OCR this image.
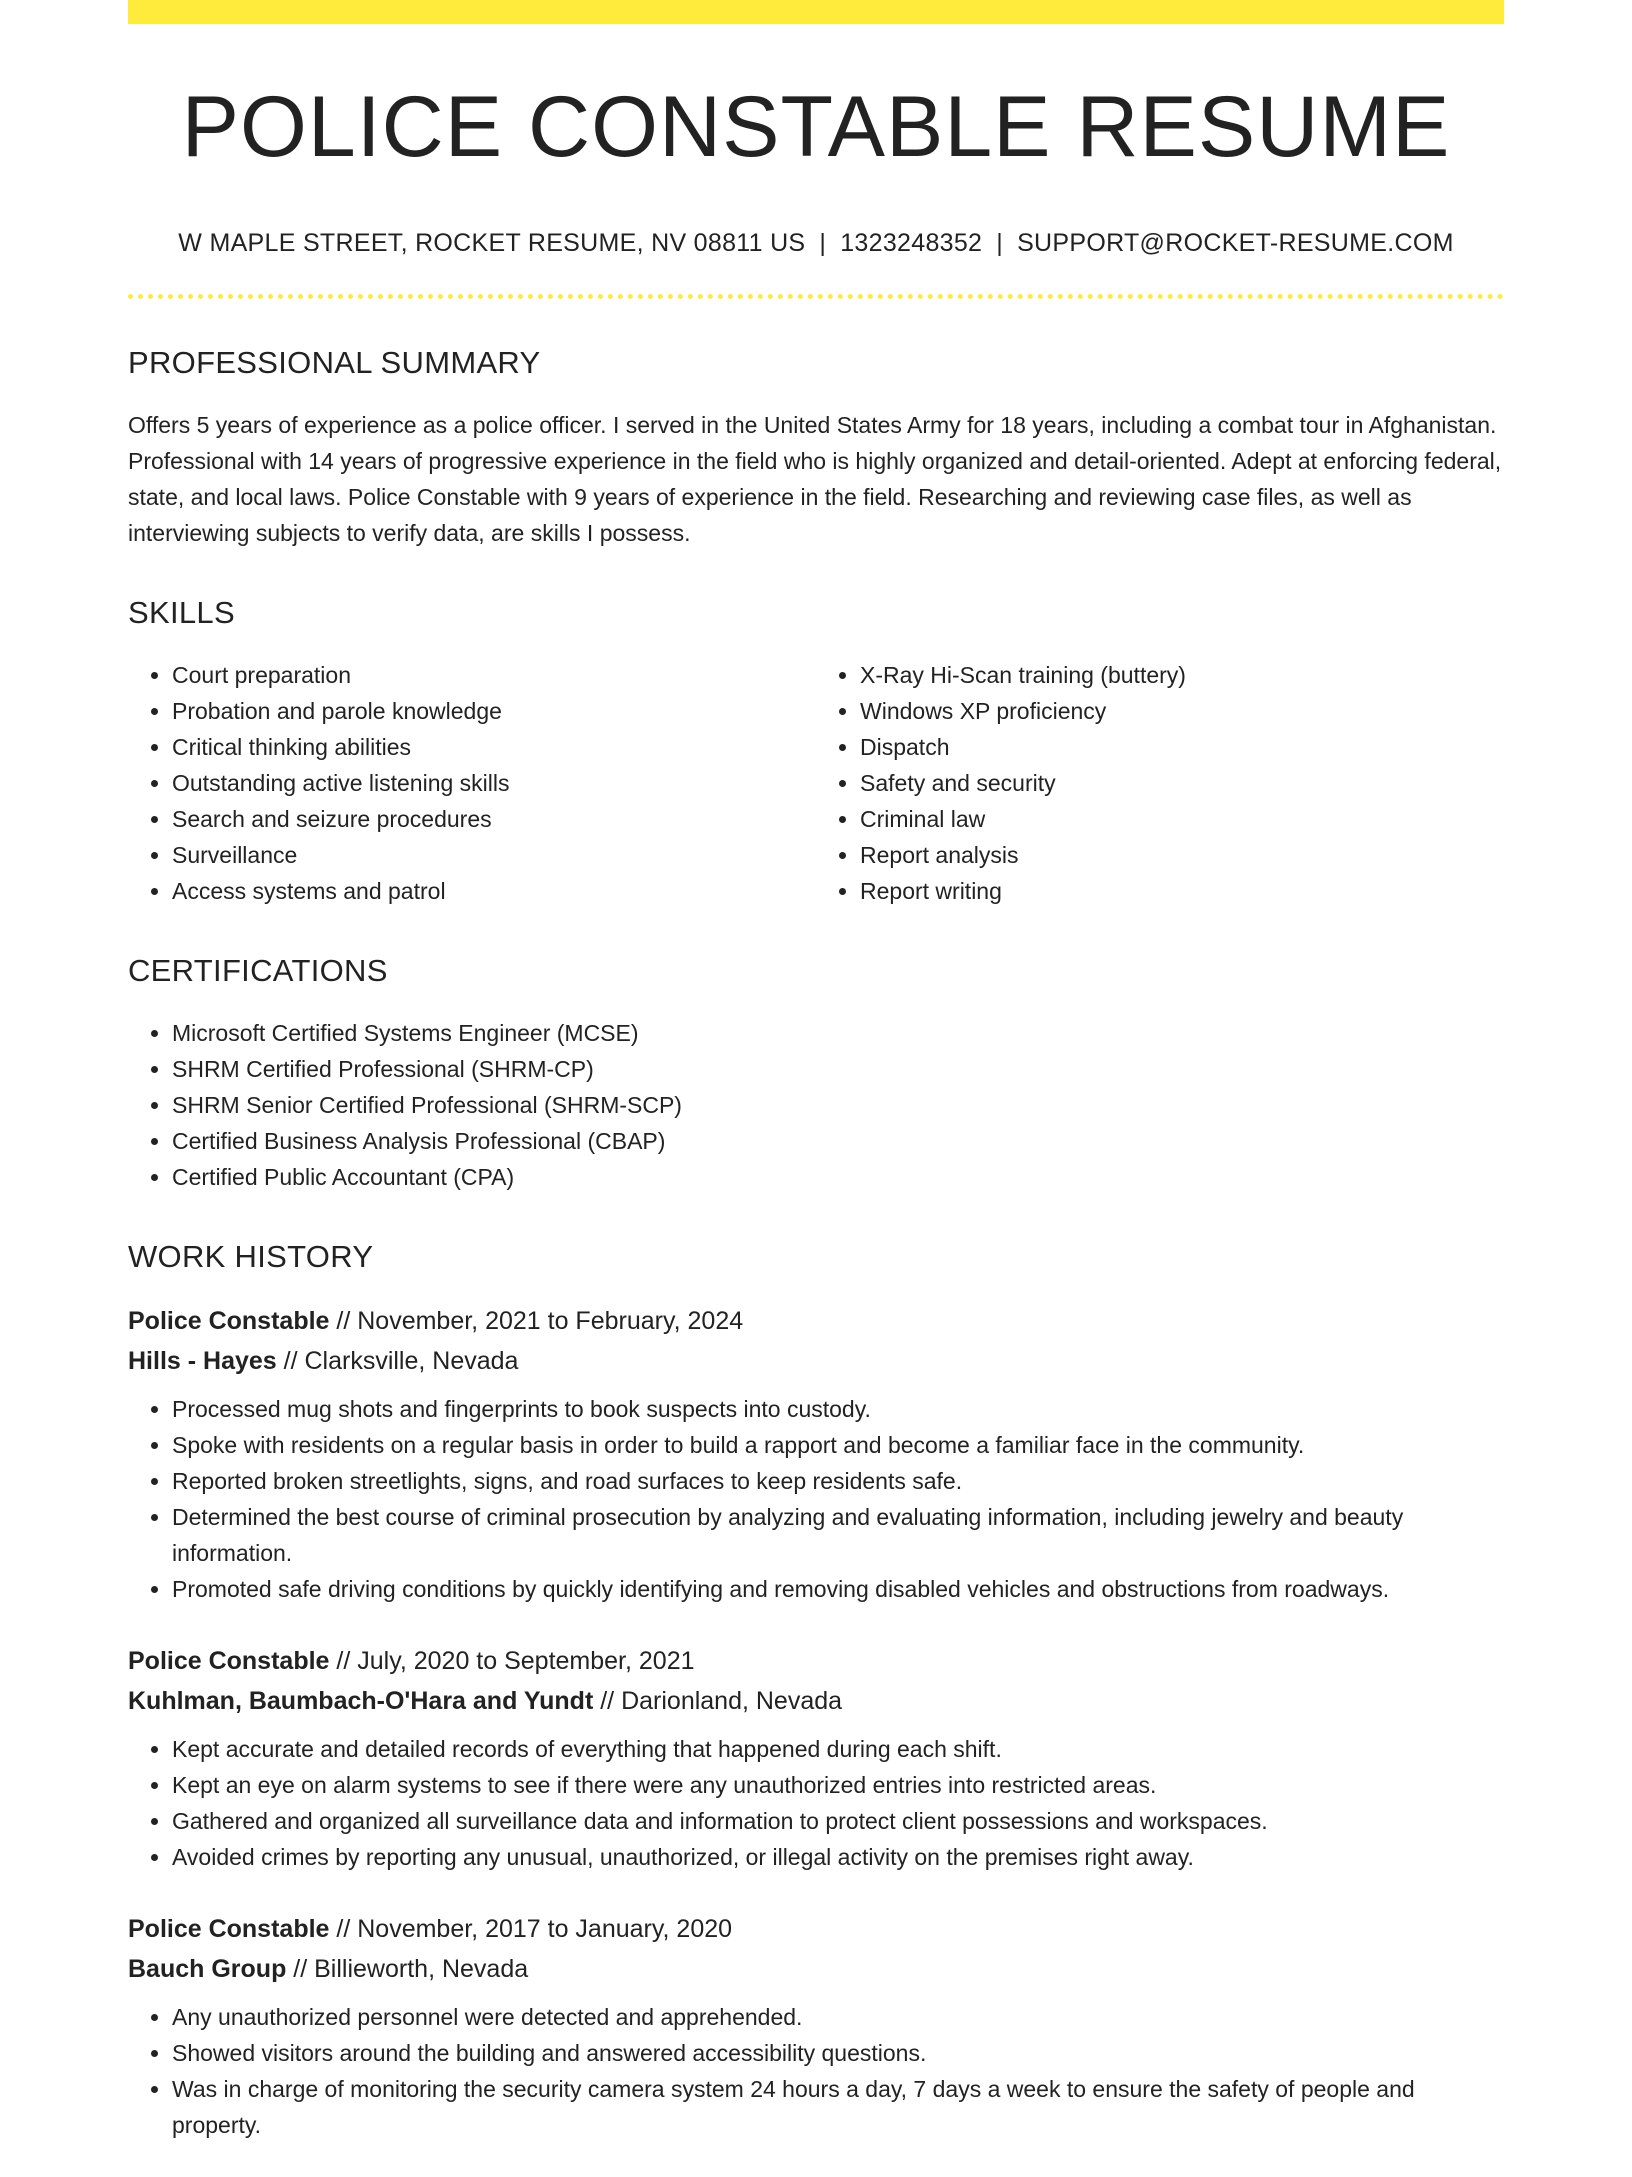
POLICE CONSTABLE RESUME
W MAPLE STREET, ROCKET RESUME, NV 08811 US | 1323248352 | SUPPORT@ROCKET-RESUME.COM
PROFESSIONAL SUMMARY

Offers 5 years of experience as a police officer. I served in the United States Army for 18 years, including a combat tour in Afghanistan. Professional with 14 years of progressive experience in the field who is highly organized and detail-oriented. Adept at enforcing federal, state, and local laws. Police Constable with 9 years of experience in the field. Researching and reviewing case files, as well as interviewing subjects to verify data, are skills I possess.

SKILLS
• Court preparation
• Probation and parole knowledge
• Critical thinking abilities
• Outstanding active listening skills
• Search and seizure procedures
• Surveillance
• Access systems and patrol
• X-Ray Hi-Scan training (buttery)
• Windows XP proficiency
• Dispatch
• Safety and security
• Criminal law
• Report analysis
• Report writing
CERTIFICATIONS
• Microsoft Certified Systems Engineer (MCSE)
• SHRM Certified Professional (SHRM-CP)
• SHRM Senior Certified Professional (SHRM-SCP)
• Certified Business Analysis Professional (CBAP)
• Certified Public Accountant (CPA)
WORK HISTORY
Police Constable // November, 2021 to February, 2024
Hills - Hayes // Clarksville, Nevada
• Processed mug shots and fingerprints to book suspects into custody.
• Spoke with residents on a regular basis in order to build a rapport and become a familiar face in the community.
• Reported broken streetlights, signs, and road surfaces to keep residents safe.
• Determined the best course of criminal prosecution by analyzing and evaluating information, including jewelry and beauty information.
• Promoted safe driving conditions by quickly identifying and removing disabled vehicles and obstructions from roadways.
Police Constable // July, 2020 to September, 2021
Kuhlman, Baumbach-O'Hara and Yundt // Darionland, Nevada
• Kept accurate and detailed records of everything that happened during each shift.
• Kept an eye on alarm systems to see if there were any unauthorized entries into restricted areas.
• Gathered and organized all surveillance data and information to protect client possessions and workspaces.
• Avoided crimes by reporting any unusual, unauthorized, or illegal activity on the premises right away.
Police Constable // November, 2017 to January, 2020
Bauch Group // Billieworth, Nevada
• Any unauthorized personnel were detected and apprehended.
• Showed visitors around the building and answered accessibility questions.
• Was in charge of monitoring the security camera system 24 hours a day, 7 days a week to ensure the safety of people and property.
